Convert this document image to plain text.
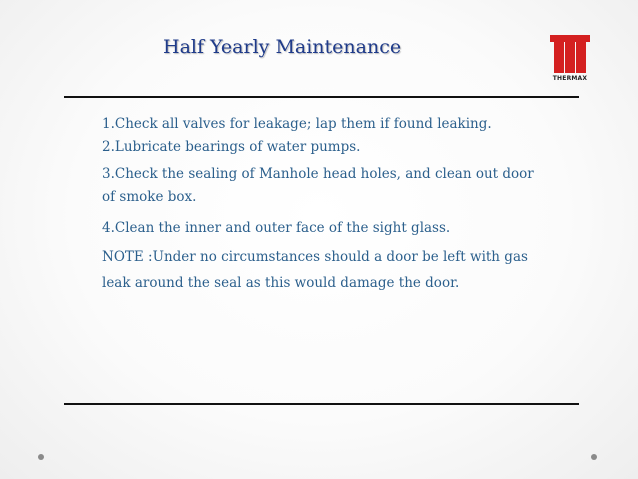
Half Yearly Maintenance
THERMAX

1.Check all valves for leakage; lap them if found leaking.

2.Lubricate bearings of water pumps.

3.Check the sealing of Manhole head holes, and clean out door of smoke box.

4.Clean the inner and outer face of the sight glass.

NOTE :Under no circumstances should a door be left with gas leak around the seal as this would damage the door.
